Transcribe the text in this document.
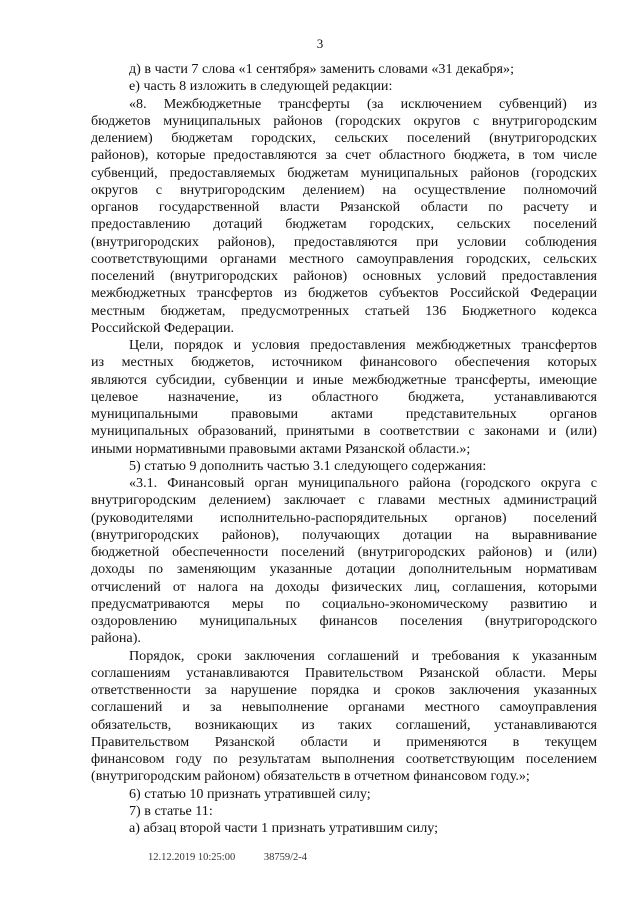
3
д) в части 7 слова «1 сентября» заменить словами «31 декабря»;
е) часть 8 изложить в следующей редакции:
«8. Межбюджетные трансферты (за исключением субвенций) из
бюджетов муниципальных районов (городских округов с внутригородским
делением) бюджетам городских, сельских поселений (внутригородских
районов), которые предоставляются за счет областного бюджета, в том числе
субвенций, предоставляемых бюджетам муниципальных районов (городских
округов с внутригородским делением) на осуществление полномочий
органов государственной власти Рязанской области по расчету и
предоставлению дотаций бюджетам городских, сельских поселений
(внутригородских районов), предоставляются при условии соблюдения
соответствующими органами местного самоуправления городских, сельских
поселений (внутригородских районов) основных условий предоставления
межбюджетных трансфертов из бюджетов субъектов Российской Федерации
местным бюджетам, предусмотренных статьей 136 Бюджетного кодекса
Российской Федерации.
Цели, порядок и условия предоставления межбюджетных трансфертов
из местных бюджетов, источником финансового обеспечения которых
являются субсидии, субвенции и иные межбюджетные трансферты, имеющие
целевое назначение, из областного бюджета, устанавливаются
муниципальными правовыми актами представительных органов
муниципальных образований, принятыми в соответствии с законами и (или)
иными нормативными правовыми актами Рязанской области.»;
5) статью 9 дополнить частью 3.1 следующего содержания:
«3.1. Финансовый орган муниципального района (городского округа с
внутригородским делением) заключает с главами местных администраций
(руководителями исполнительно-распорядительных органов) поселений
(внутригородских районов), получающих дотации на выравнивание
бюджетной обеспеченности поселений (внутригородских районов) и (или)
доходы по заменяющим указанные дотации дополнительным нормативам
отчислений от налога на доходы физических лиц, соглашения, которыми
предусматриваются меры по социально-экономическому развитию и
оздоровлению муниципальных финансов поселения (внутригородского
района).
Порядок, сроки заключения соглашений и требования к указанным
соглашениям устанавливаются Правительством Рязанской области. Меры
ответственности за нарушение порядка и сроков заключения указанных
соглашений и за невыполнение органами местного самоуправления
обязательств, возникающих из таких соглашений, устанавливаются
Правительством Рязанской области и применяются в текущем
финансовом году по результатам выполнения соответствующим поселением
(внутригородским районом) обязательств в отчетном финансовом году.»;
6) статью 10 признать утратившей силу;
7) в статье 11:
а) абзац второй части 1 признать утратившим силу;
12.12.2019 10:25:00	38759/2-4
